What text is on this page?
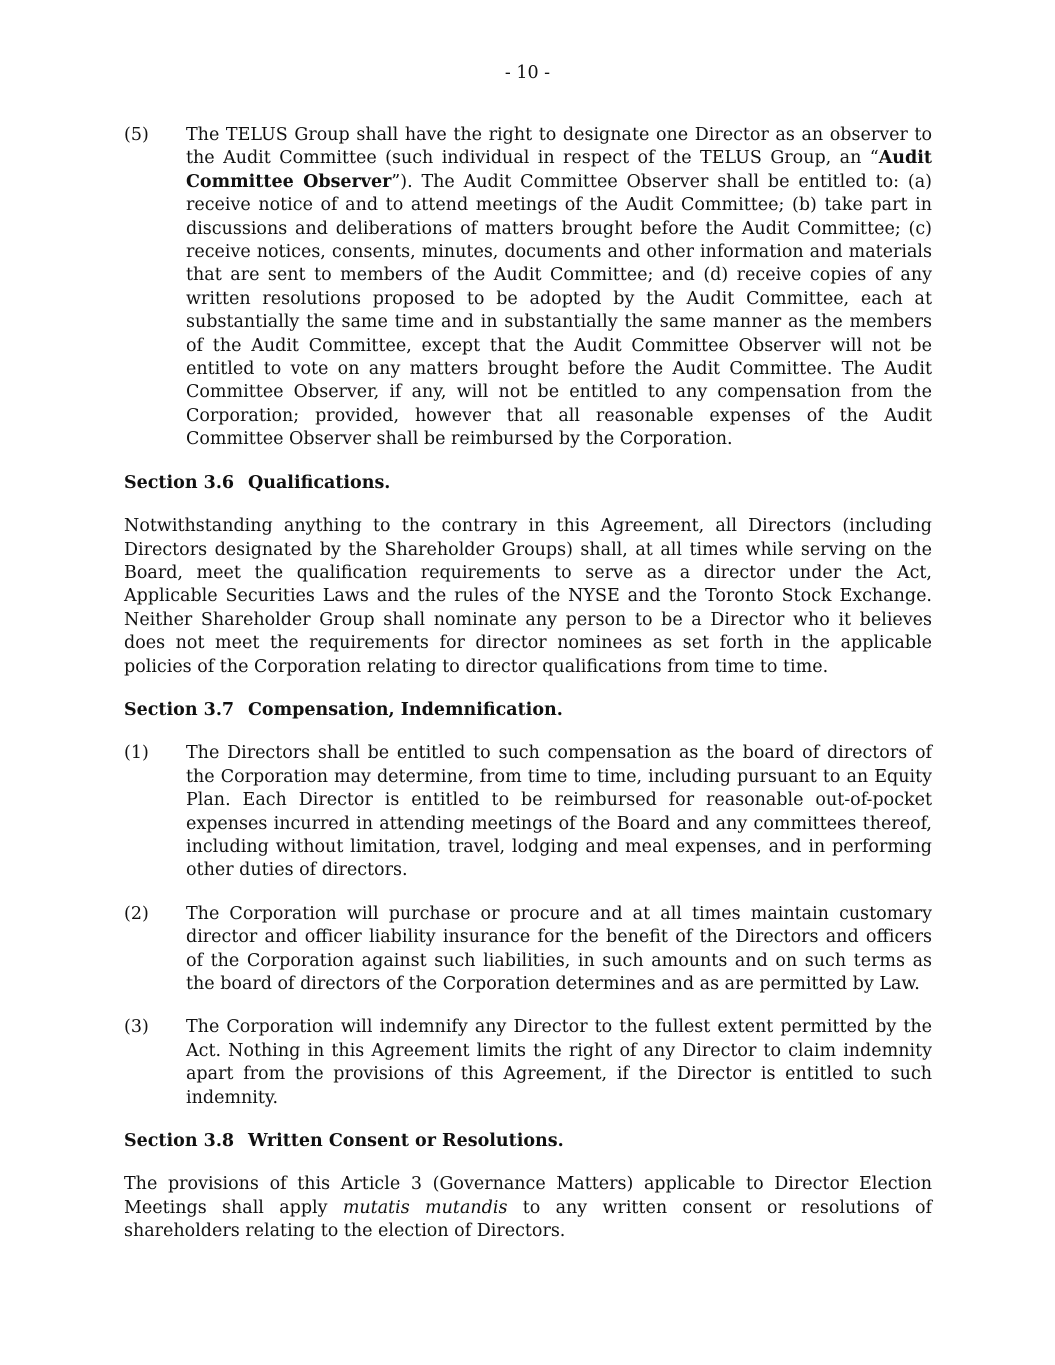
- 10 -
(5) The TELUS Group shall have the right to designate one Director as an observer to the Audit Committee (such individual in respect of the TELUS Group, an “Audit Committee Observer”). The Audit Committee Observer shall be entitled to: (a) receive notice of and to attend meetings of the Audit Committee; (b) take part in discussions and deliberations of matters brought before the Audit Committee; (c) receive notices, consents, minutes, documents and other information and materials that are sent to members of the Audit Committee; and (d) receive copies of any written resolutions proposed to be adopted by the Audit Committee, each at substantially the same time and in substantially the same manner as the members of the Audit Committee, except that the Audit Committee Observer will not be entitled to vote on any matters brought before the Audit Committee. The Audit Committee Observer, if any, will not be entitled to any compensation from the Corporation; provided, however that all reasonable expenses of the Audit Committee Observer shall be reimbursed by the Corporation.
Section 3.6 Qualifications.

Notwithstanding anything to the contrary in this Agreement, all Directors (including Directors designated by the Shareholder Groups) shall, at all times while serving on the Board, meet the qualification requirements to serve as a director under the Act, Applicable Securities Laws and the rules of the NYSE and the Toronto Stock Exchange. Neither Shareholder Group shall nominate any person to be a Director who it believes does not meet the requirements for director nominees as set forth in the applicable policies of the Corporation relating to director qualifications from time to time.

Section 3.7 Compensation, Indemnification.
(1) The Directors shall be entitled to such compensation as the board of directors of the Corporation may determine, from time to time, including pursuant to an Equity Plan. Each Director is entitled to be reimbursed for reasonable out-of-pocket expenses incurred in attending meetings of the Board and any committees thereof, including without limitation, travel, lodging and meal expenses, and in performing other duties of directors.
(2) The Corporation will purchase or procure and at all times maintain customary director and officer liability insurance for the benefit of the Directors and officers of the Corporation against such liabilities, in such amounts and on such terms as the board of directors of the Corporation determines and as are permitted by Law.
(3) The Corporation will indemnify any Director to the fullest extent permitted by the Act. Nothing in this Agreement limits the right of any Director to claim indemnity apart from the provisions of this Agreement, if the Director is entitled to such indemnity.
Section 3.8 Written Consent or Resolutions.

The provisions of this Article 3 (Governance Matters) applicable to Director Election Meetings shall apply mutatis mutandis to any written consent or resolutions of shareholders relating to the election of Directors.
